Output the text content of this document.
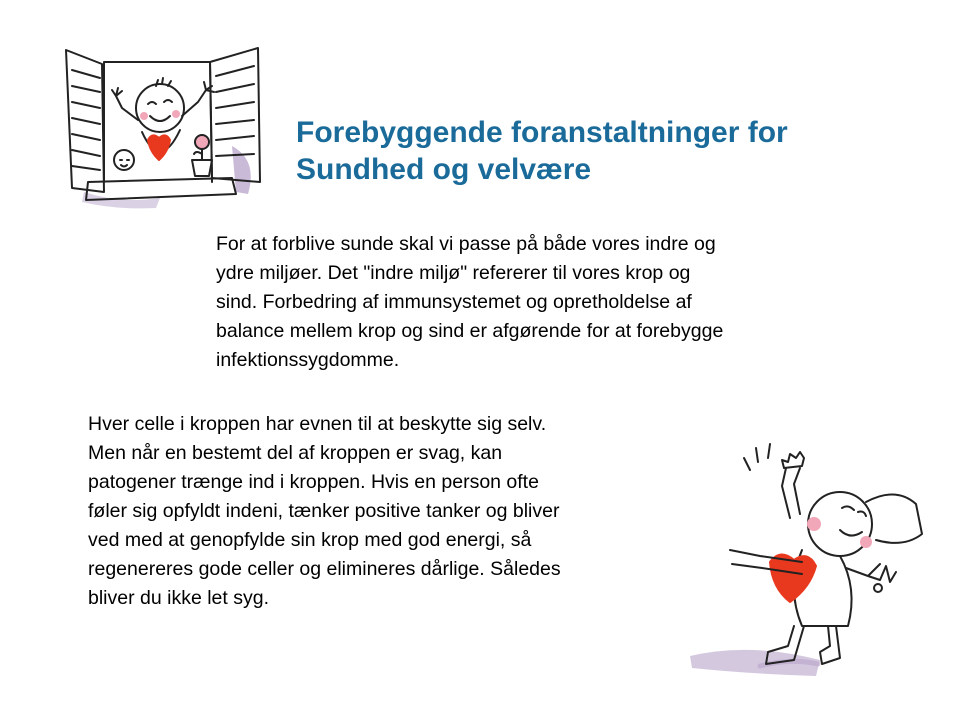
Forebyggende foranstaltninger for
Sundhed og velvære

For at forblive sunde skal vi passe på både vores indre og
ydre miljøer. Det "indre miljø" refererer til vores krop og
sind. Forbedring af immunsystemet og opretholdelse af
balance mellem krop og sind er afgørende for at forebygge
infektionssygdomme.

Hver celle i kroppen har evnen til at beskytte sig selv.
Men når en bestemt del af kroppen er svag, kan
patogener trænge ind i kroppen. Hvis en person ofte
føler sig opfyldt indeni, tænker positive tanker og bliver
ved med at genopfylde sin krop med god energi, så
regenereres gode celler og elimineres dårlige. Således
bliver du ikke let syg.
